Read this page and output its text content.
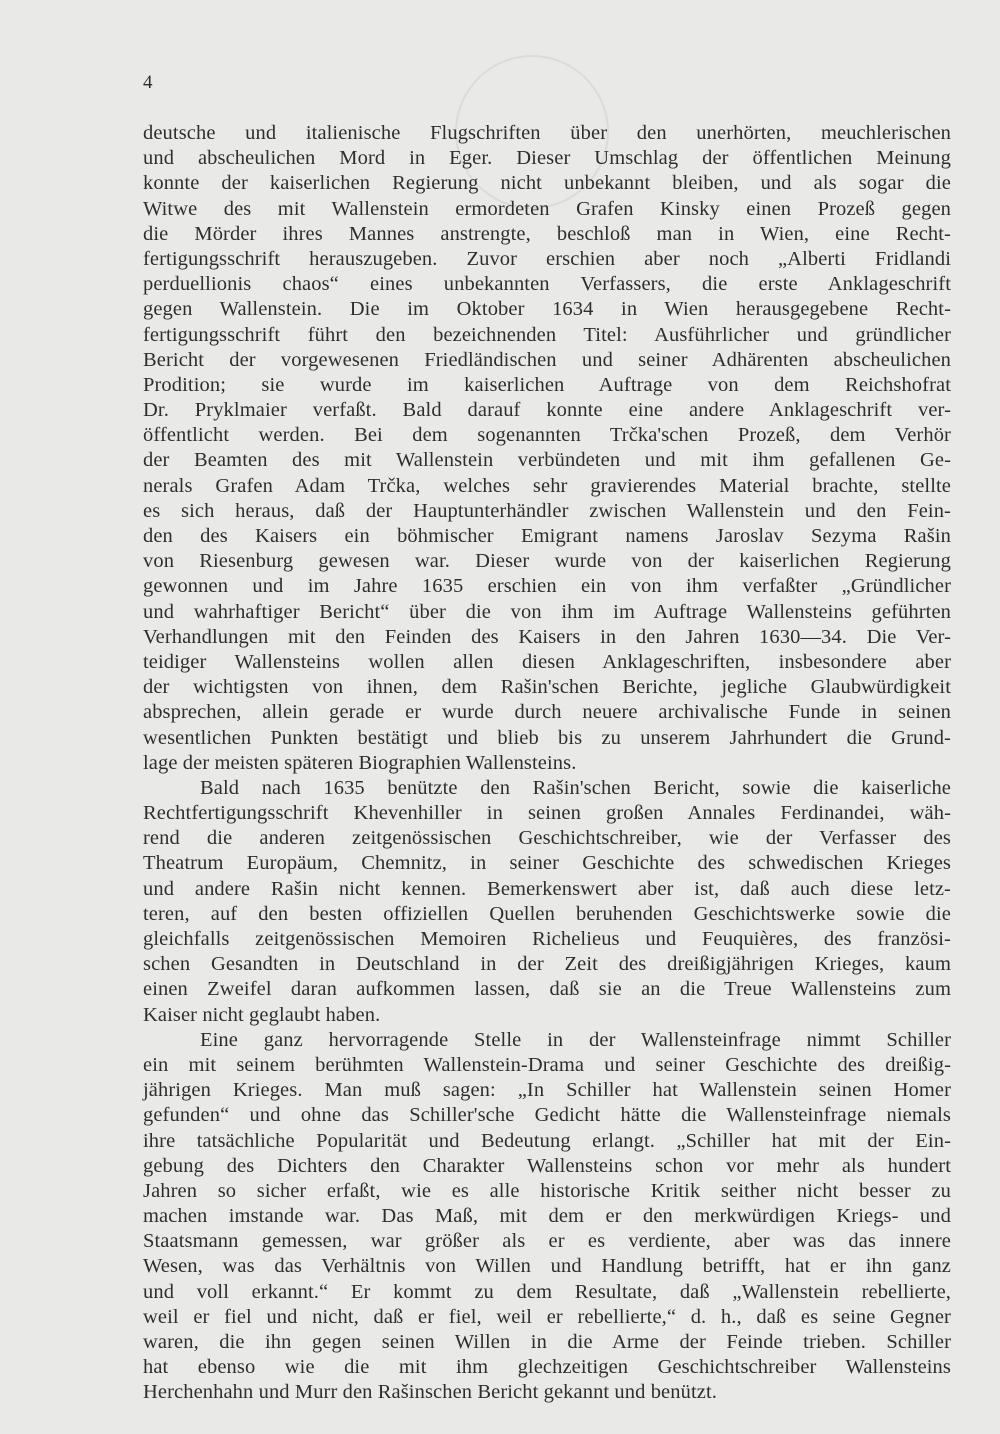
4
deutsche und italienische Flugschriften über den unerhörten, meuchlerischen
und abscheulichen Mord in Eger. Dieser Umschlag der öffentlichen Meinung
konnte der kaiserlichen Regierung nicht unbekannt bleiben, und als sogar die
Witwe des mit Wallenstein ermordeten Grafen Kinsky einen Prozeß gegen
die Mörder ihres Mannes anstrengte, beschloß man in Wien, eine Recht-
fertigungsschrift herauszugeben. Zuvor erschien aber noch „Alberti Fridlandi
perduellionis chaos“ eines unbekannten Verfassers, die erste Anklageschrift
gegen Wallenstein. Die im Oktober 1634 in Wien herausgegebene Recht-
fertigungsschrift führt den bezeichnenden Titel: Ausführlicher und gründlicher
Bericht der vorgewesenen Friedländischen und seiner Adhärenten abscheulichen
Prodition; sie wurde im kaiserlichen Auftrage von dem Reichshofrat
Dr. Pryklmaier verfaßt. Bald darauf konnte eine andere Anklageschrift ver-
öffentlicht werden. Bei dem sogenannten Trčka'schen Prozeß, dem Verhör
der Beamten des mit Wallenstein verbündeten und mit ihm gefallenen Ge-
nerals Grafen Adam Trčka, welches sehr gravierendes Material brachte, stellte
es sich heraus, daß der Hauptunterhändler zwischen Wallenstein und den Fein-
den des Kaisers ein böhmischer Emigrant namens Jaroslav Sezyma Rašin
von Riesenburg gewesen war. Dieser wurde von der kaiserlichen Regierung
gewonnen und im Jahre 1635 erschien ein von ihm verfaßter „Gründlicher
und wahrhaftiger Bericht“ über die von ihm im Auftrage Wallensteins geführten
Verhandlungen mit den Feinden des Kaisers in den Jahren 1630—34. Die Ver-
teidiger Wallensteins wollen allen diesen Anklageschriften, insbesondere aber
der wichtigsten von ihnen, dem Rašin'schen Berichte, jegliche Glaubwürdigkeit
absprechen, allein gerade er wurde durch neuere archivalische Funde in seinen
wesentlichen Punkten bestätigt und blieb bis zu unserem Jahrhundert die Grund-
lage der meisten späteren Biographien Wallensteins.
Bald nach 1635 benützte den Rašin'schen Bericht, sowie die kaiserliche
Rechtfertigungsschrift Khevenhiller in seinen großen Annales Ferdinandei, wäh-
rend die anderen zeitgenössischen Geschichtschreiber, wie der Verfasser des
Theatrum Europäum, Chemnitz, in seiner Geschichte des schwedischen Krieges
und andere Rašin nicht kennen. Bemerkenswert aber ist, daß auch diese letz-
teren, auf den besten offiziellen Quellen beruhenden Geschichtswerke sowie die
gleichfalls zeitgenössischen Memoiren Richelieus und Feuquières, des französi-
schen Gesandten in Deutschland in der Zeit des dreißigjährigen Krieges, kaum
einen Zweifel daran aufkommen lassen, daß sie an die Treue Wallensteins zum
Kaiser nicht geglaubt haben.
Eine ganz hervorragende Stelle in der Wallensteinfrage nimmt Schiller
ein mit seinem berühmten Wallenstein-Drama und seiner Geschichte des dreißig-
jährigen Krieges. Man muß sagen: „In Schiller hat Wallenstein seinen Homer
gefunden“ und ohne das Schiller'sche Gedicht hätte die Wallensteinfrage niemals
ihre tatsächliche Popularität und Bedeutung erlangt. „Schiller hat mit der Ein-
gebung des Dichters den Charakter Wallensteins schon vor mehr als hundert
Jahren so sicher erfaßt, wie es alle historische Kritik seither nicht besser zu
machen imstande war. Das Maß, mit dem er den merkwürdigen Kriegs- und
Staatsmann gemessen, war größer als er es verdiente, aber was das innere
Wesen, was das Verhältnis von Willen und Handlung betrifft, hat er ihn ganz
und voll erkannt.“ Er kommt zu dem Resultate, daß „Wallenstein rebellierte,
weil er fiel und nicht, daß er fiel, weil er rebellierte,“ d. h., daß es seine Gegner
waren, die ihn gegen seinen Willen in die Arme der Feinde trieben. Schiller
hat ebenso wie die mit ihm glechzeitigen Geschichtschreiber Wallensteins
Herchenhahn und Murr den Rašinschen Bericht gekannt und benützt.
